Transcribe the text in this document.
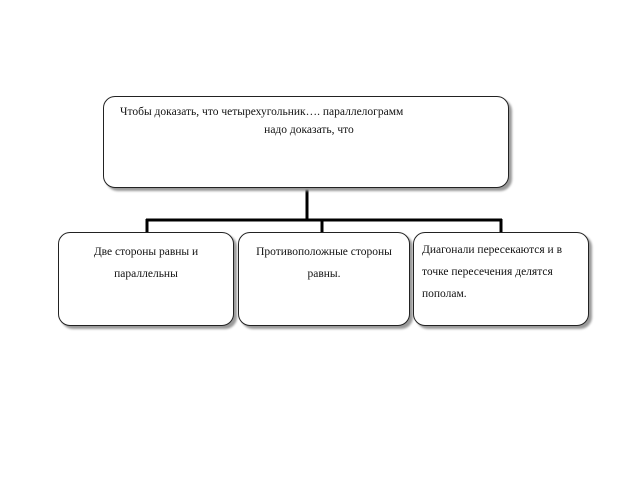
Чтобы доказать, что четырехугольник…. параллелограмм
надо доказать, что
Две стороны равны и параллельны
Противоположные стороны равны.
Диагонали пересекаются и в точке пересечения делятся пополам.
